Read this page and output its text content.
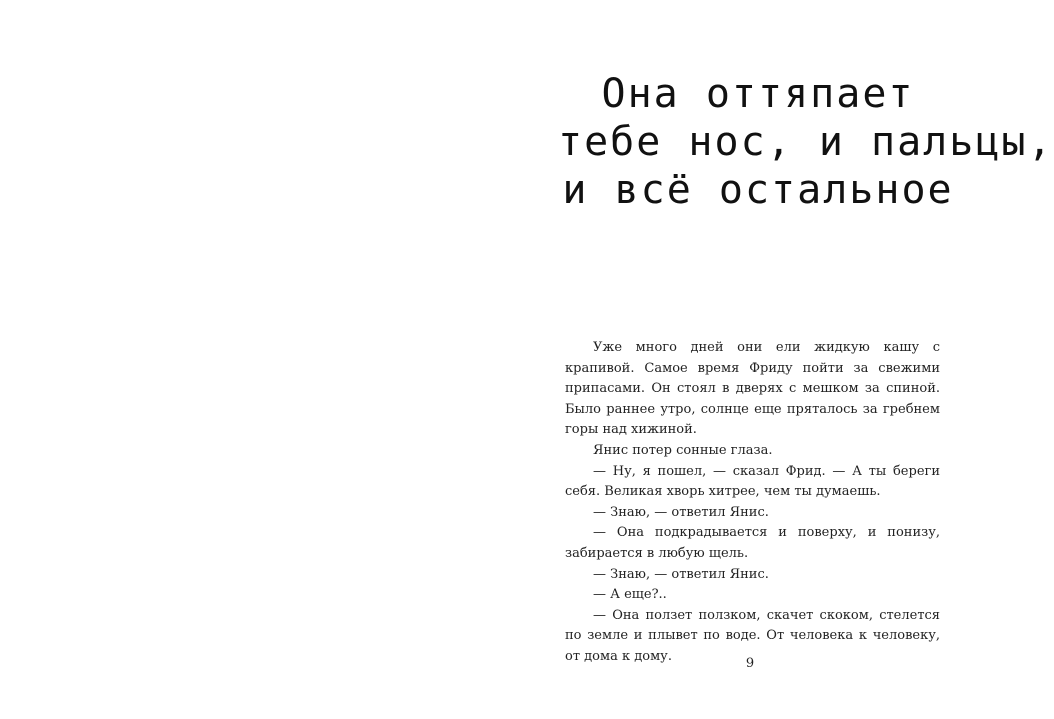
Она оттяпает
тебе нос, и пальцы,
и всё остальное

Уже много дней они ели жидкую кашу с крапивой. Самое время Фриду пойти за свежими припасами. Он стоял в дверях с мешком за спиной. Было раннее утро, солнце еще пряталось за гребнем горы над хижиной.

Янис потер сонные глаза.

— Ну, я пошел, — сказал Фрид. — А ты береги себя. Великая хворь хитрее, чем ты думаешь.

— Знаю, — ответил Янис.

— Она подкрадывается и поверху, и понизу, забирается в любую щель.

— Знаю, — ответил Янис.

— А еще?..

— Она ползет ползком, скачет скоком, стелется по земле и плывет по воде. От человека к человеку, от дома к дому.	9
